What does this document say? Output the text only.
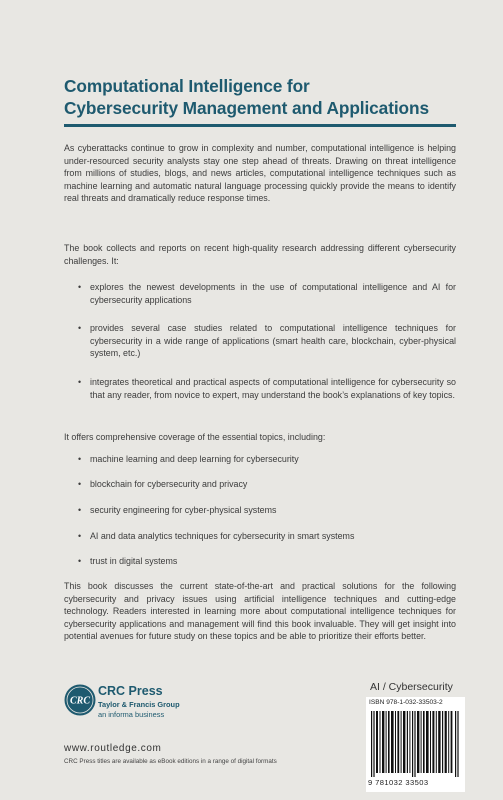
Computational Intelligence for
Cybersecurity Management and Applications
As cyberattacks continue to grow in complexity and number, computational intelligence is helping under-resourced security analysts stay one step ahead of threats. Drawing on threat intelligence from millions of studies, blogs, and news articles, computational intelligence techniques such as machine learning and automatic natural language processing quickly provide the means to identify real threats and dramatically reduce response times.
The book collects and reports on recent high-quality research addressing different cybersecurity challenges. It:
• explores the newest developments in the use of computational intelligence and AI for cybersecurity applications
• provides several case studies related to computational intelligence techniques for cybersecurity in a wide range of applications (smart health care, blockchain, cyber-physical system, etc.)
• integrates theoretical and practical aspects of computational intelligence for cybersecurity so that any reader, from novice to expert, may understand the book’s explanations of key topics.
It offers comprehensive coverage of the essential topics, including:
• machine learning and deep learning for cybersecurity
• blockchain for cybersecurity and privacy
• security engineering for cyber-physical systems
• AI and data analytics techniques for cybersecurity in smart systems
• trust in digital systems
This book discusses the current state-of-the-art and practical solutions for the following cybersecurity and privacy issues using artificial intelligence techniques and cutting-edge technology. Readers interested in learning more about computational intelligence techniques for cybersecurity applications and management will find this book invaluable. They will get insight into potential avenues for future study on these topics and be able to prioritize their efforts better.
AI / Cybersecurity
ISBN 978-1-032-33503-2
9 781032 33503
CRC
CRC Press
Taylor & Francis Group
an informa business
www.routledge.com
CRC Press titles are available as eBook editions in a range of digital formats
